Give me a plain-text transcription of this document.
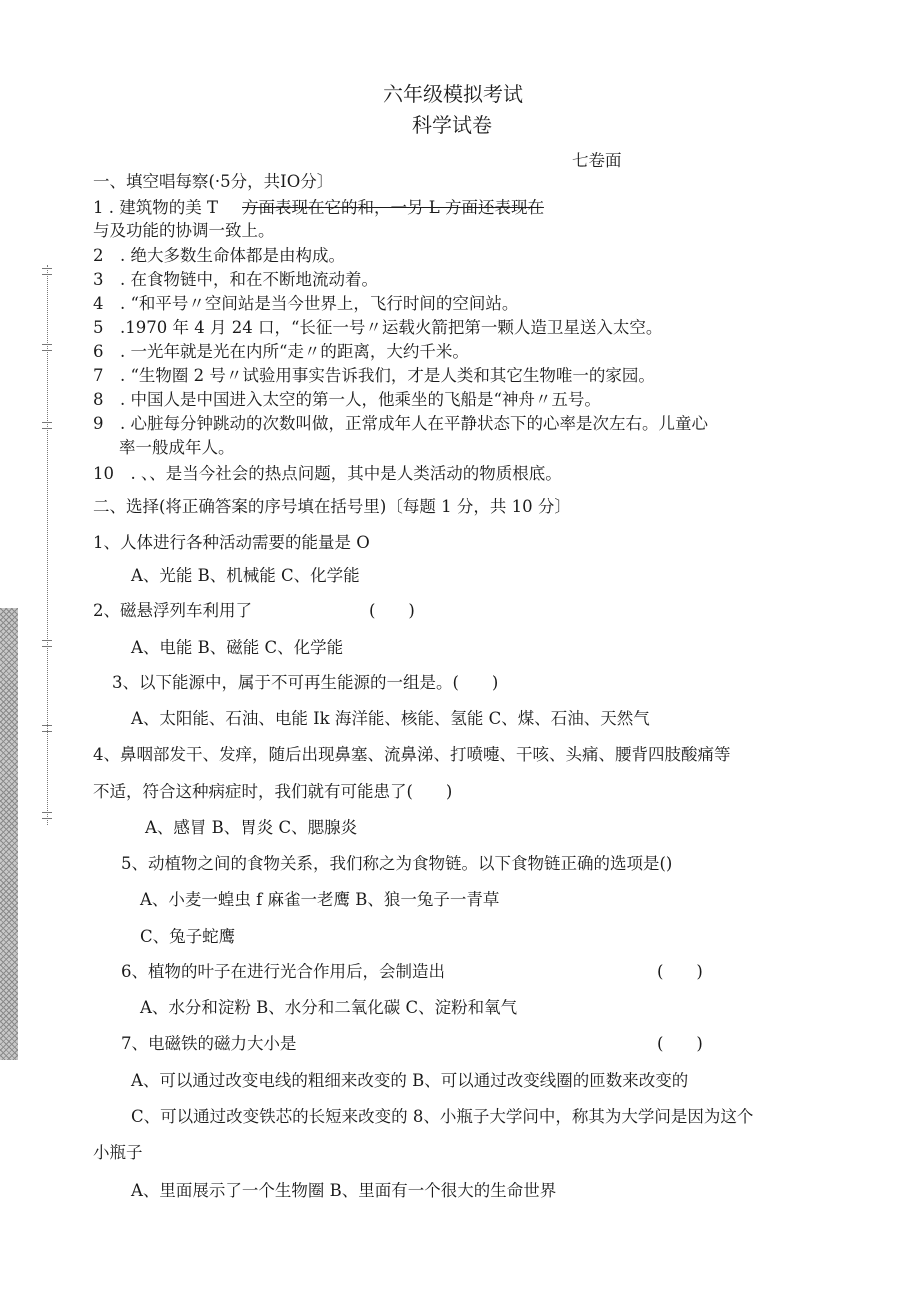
六年级模拟考试
科学试卷
七卷面
一、填空唱每察(·5分，共IO分〕
1 . 建筑物的美 T 方面表现在它的和，一另 L 方面还表现在
与及功能的协调一致上。
2　. 绝大多数生命体都是由构成。
3　. 在食物链中，和在不断地流动着。
4　. “和平号〃空间站是当今世界上，飞行时间的空间站。
5　.1970 年 4 月 24 口，“长征一号〃运载火箭把第一颗人造卫星送入太空。
6　. 一光年就是光在内所“走〃的距离，大约千米。
7　. “生物圈 2 号〃试验用事实告诉我们，才是人类和其它生物唯一的家园。
8　. 中国人是中国进入太空的第一人，他乘坐的飞船是“神舟〃五号。
9　. 心脏每分钟跳动的次数叫做，正常成年人在平静状态下的心率是次左右。儿童心
率一般成年人。
10　. 、、是当今社会的热点问题，其中是人类活动的物质根底。
二、选择(将正确答案的序号填在括号里)〔每题 1 分，共 10 分〕
1、人体进行各种活动需要的能量是 O
A、光能 B、机械能 C、化学能
2、磁悬浮列车利用了	(　　)
A、电能 B、磁能 C、化学能
3、以下能源中，属于不可再生能源的一组是。(　　)
A、太阳能、石油、电能 Ik 海洋能、核能、氢能 C、煤、石油、天然气
4、鼻咽部发干、发痒，随后出现鼻塞、流鼻涕、打喷嚏、干咳、头痛、腰背四肢酸痛等
不适，符合这种病症时，我们就有可能患了(　　)
A、感冒 B、胃炎 C、腮腺炎
5、动植物之间的食物关系，我们称之为食物链。以下食物链正确的选项是()
A、小麦一蝗虫 f 麻雀一老鹰 B、狼一兔子一青草
C、兔子蛇鹰
6、植物的叶子在进行光合作用后，会制造出	(　　)
A、水分和淀粉 B、水分和二氧化碳 C、淀粉和氧气
7、电磁铁的磁力大小是	(　　)
A、可以通过改变电线的粗细来改变的 B、可以通过改变线圈的匝数来改变的
C、可以通过改变铁芯的长短来改变的 8、小瓶子大学问中，称其为大学问是因为这个
小瓶子
A、里面展示了一个生物圈 B、里面有一个很大的生命世界
